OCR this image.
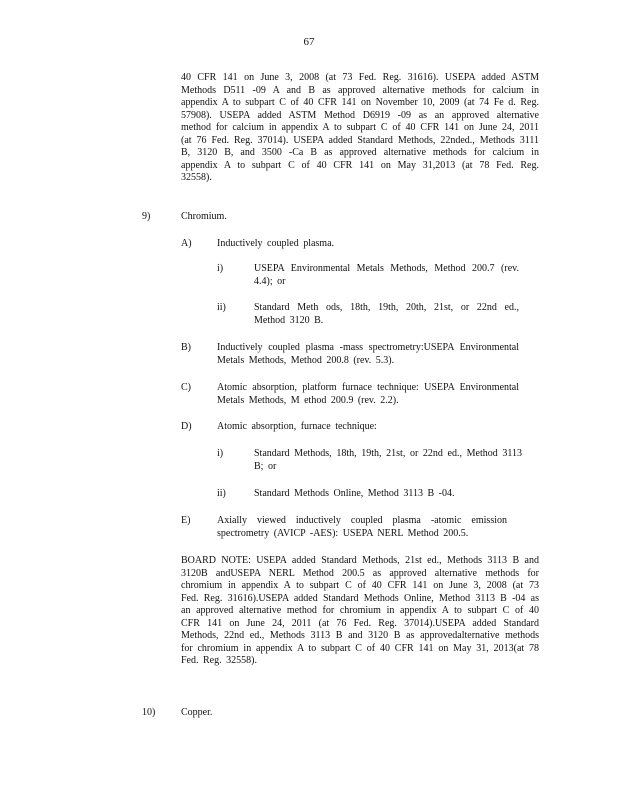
67
40 CFR 141 on June 3, 2008 (at 73 Fed. Reg. 31616). USEPA added ASTM Methods D511 -09 A and B as approved alternative methods for calcium in appendix A to subpart C of 40 CFR 141 on November 10, 2009 (at 74 Fe d. Reg. 57908). USEPA added ASTM Method D6919 -09 as an approved alternative method for calcium in appendix A to subpart C of 40 CFR 141 on June 24, 2011 (at 76 Fed. Reg. 37014). USEPA added Standard Methods, 22nded., Methods 3111 B, 3120 B, and 3500 -Ca B as approved alternative methods for calcium in appendix A to subpart C of 40 CFR 141 on May 31,2013 (at 78 Fed. Reg. 32558).
9)	Chromium.
A)	Inductively coupled plasma.
i)	USEPA Environmental Metals Methods, Method 200.7 (rev. 4.4); or
ii)	Standard Meth ods, 18th, 19th, 20th, 21st, or 22nd ed., Method 3120 B.
B)	Inductively coupled plasma -mass spectrometry:USEPA Environmental Metals Methods, Method 200.8 (rev. 5.3).
C)	Atomic absorption, platform furnace technique: USEPA Environmental Metals Methods, M ethod 200.9 (rev. 2.2).
D)	Atomic absorption, furnace technique:
i)	Standard Methods, 18th, 19th, 21st, or 22nd ed., Method 3113 B; or
ii)	Standard Methods Online, Method 3113 B -04.
E)	Axially viewed inductively coupled plasma -atomic emission spectrometry (AVICP -AES): USEPA NERL Method 200.5.
BOARD NOTE: USEPA added Standard Methods, 21st ed., Methods 3113 B and 3120B andUSEPA NERL Method 200.5 as approved alternative methods for chromium in appendix A to subpart C of 40 CFR 141 on June 3, 2008 (at 73 Fed. Reg. 31616).USEPA added Standard Methods Online, Method 3113 B -04 as an approved alternative method for chromium in appendix A to subpart C of 40 CFR 141 on June 24, 2011 (at 76 Fed. Reg. 37014).USEPA added Standard Methods, 22nd ed., Methods 3113 B and 3120 B as approvedalternative methods for chromium in appendix A to subpart C of 40 CFR 141 on May 31, 2013(at 78 Fed. Reg. 32558).
10)	Copper.
